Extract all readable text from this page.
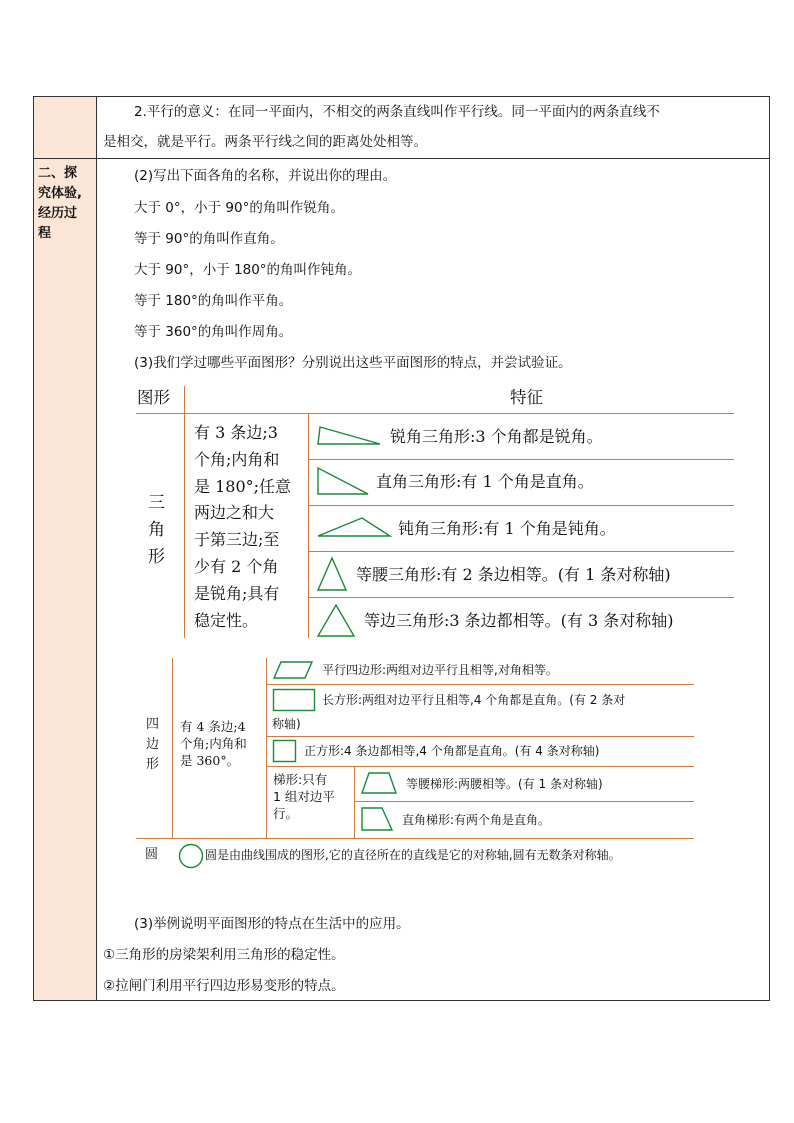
2.平行的意义：在同一平面内，不相交的两条直线叫作平行线。同一平面内的两条直线不
是相交，就是平行。两条平行线之间的距离处处相等。
二、探
究体验,
经历过
程
(2)写出下面各角的名称，并说出你的理由。
大于 0°，小于 90°的角叫作锐角。
等于 90°的角叫作直角。
大于 90°，小于 180°的角叫作钝角。
等于 180°的角叫作平角。
等于 360°的角叫作周角。
(3)我们学过哪些平面图形？分别说出这些平面图形的特点，并尝试验证。
图形	特征
三
角
形
有 3 条边;3
个角;内角和
是 180°;任意
两边之和大
于第三边;至
少有 2 个角
是锐角;具有
稳定性。
锐角三角形:3 个角都是锐角。
直角三角形:有 1 个角是直角。
钝角三角形:有 1 个角是钝角。
等腰三角形:有 2 条边相等。(有 1 条对称轴)
等边三角形:3 条边都相等。(有 3 条对称轴)
四
边
形
有 4 条边;4
个角;内角和
是 360°。
平行四边形:两组对边平行且相等,对角相等。
长方形:两组对边平行且相等,4 个角都是直角。(有 2 条对
称轴)
正方形:4 条边都相等,4 个角都是直角。(有 4 条对称轴)
梯形:只有
1 组对边平
行。
等腰梯形:两腰相等。(有 1 条对称轴)
直角梯形:有两个角是直角。
圆	圆是由曲线围成的图形,它的直径所在的直线是它的对称轴,圆有无数条对称轴。
(3)举例说明平面图形的特点在生活中的应用。
①三角形的房梁架利用三角形的稳定性。
②拉闸门利用平行四边形易变形的特点。
